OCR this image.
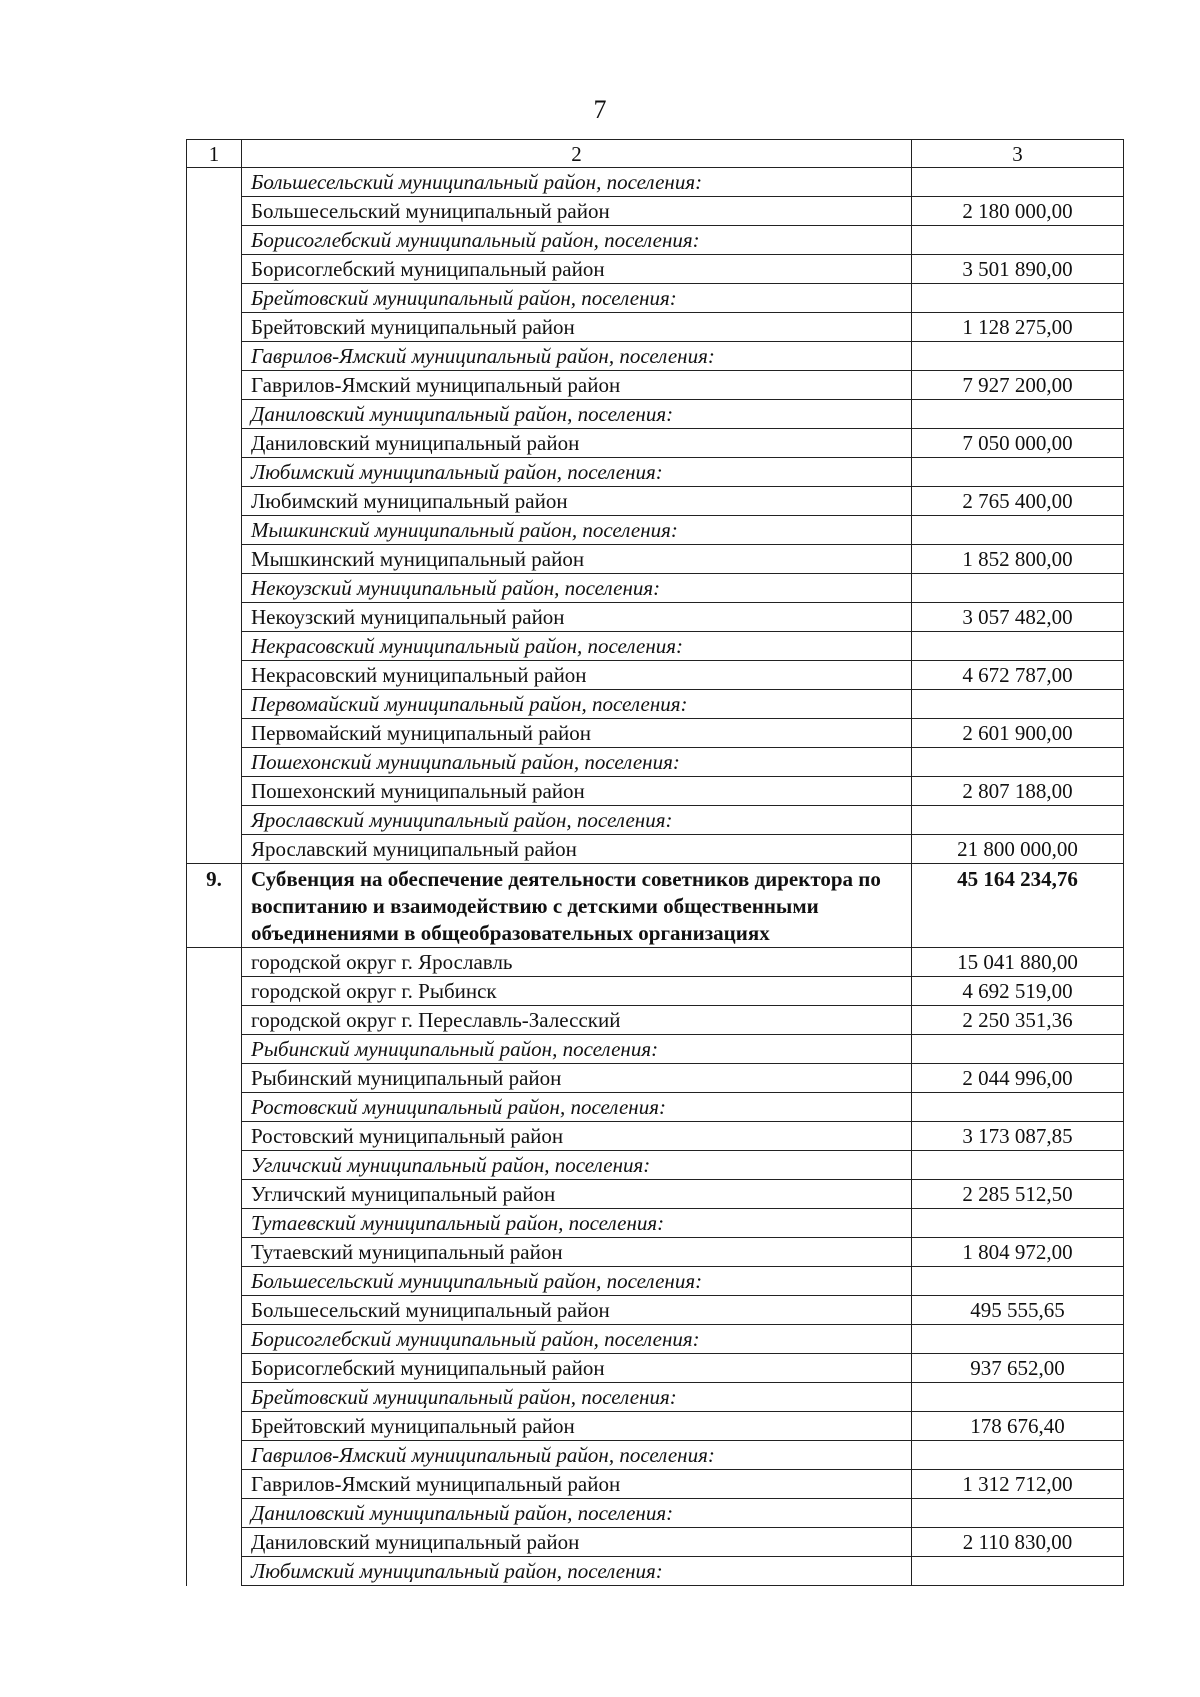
7
1	2	3
	Большесельский муниципальный район, поселения:	
	Большесельский муниципальный район	2 180 000,00
	Борисоглебский муниципальный район, поселения:	
	Борисоглебский муниципальный район	3 501 890,00
	Брейтовский муниципальный район, поселения:	
	Брейтовский муниципальный район	1 128 275,00
	Гаврилов-Ямский муниципальный район, поселения:	
	Гаврилов-Ямский муниципальный район	7 927 200,00
	Даниловский муниципальный район, поселения:	
	Даниловский муниципальный район	7 050 000,00
	Любимский муниципальный район, поселения:	
	Любимский муниципальный район	2 765 400,00
	Мышкинский муниципальный район, поселения:	
	Мышкинский муниципальный район	1 852 800,00
	Некоузский муниципальный район, поселения:	
	Некоузский муниципальный район	3 057 482,00
	Некрасовский муниципальный район, поселения:	
	Некрасовский муниципальный район	4 672 787,00
	Первомайский муниципальный район, поселения:	
	Первомайский муниципальный район	2 601 900,00
	Пошехонский муниципальный район, поселения:	
	Пошехонский муниципальный район	2 807 188,00
	Ярославский муниципальный район, поселения:	
	Ярославский муниципальный район	21 800 000,00
9.	Субвенция на обеспечение деятельности советников директора по воспитанию и взаимодействию с детскими общественными объединениями в общеобразовательных организациях	45 164 234,76
	городской округ г. Ярославль	15 041 880,00
	городской округ г. Рыбинск	4 692 519,00
	городской округ г. Переславль-Залесский	2 250 351,36
	Рыбинский муниципальный район, поселения:	
	Рыбинский муниципальный район	2 044 996,00
	Ростовский муниципальный район, поселения:	
	Ростовский муниципальный район	3 173 087,85
	Угличский муниципальный район, поселения:	
	Угличский муниципальный район	2 285 512,50
	Тутаевский муниципальный район, поселения:	
	Тутаевский муниципальный район	1 804 972,00
	Большесельский муниципальный район, поселения:	
	Большесельский муниципальный район	495 555,65
	Борисоглебский муниципальный район, поселения:	
	Борисоглебский муниципальный район	937 652,00
	Брейтовский муниципальный район, поселения:	
	Брейтовский муниципальный район	178 676,40
	Гаврилов-Ямский муниципальный район, поселения:	
	Гаврилов-Ямский муниципальный район	1 312 712,00
	Даниловский муниципальный район, поселения:	
	Даниловский муниципальный район	2 110 830,00
	Любимский муниципальный район, поселения:	
